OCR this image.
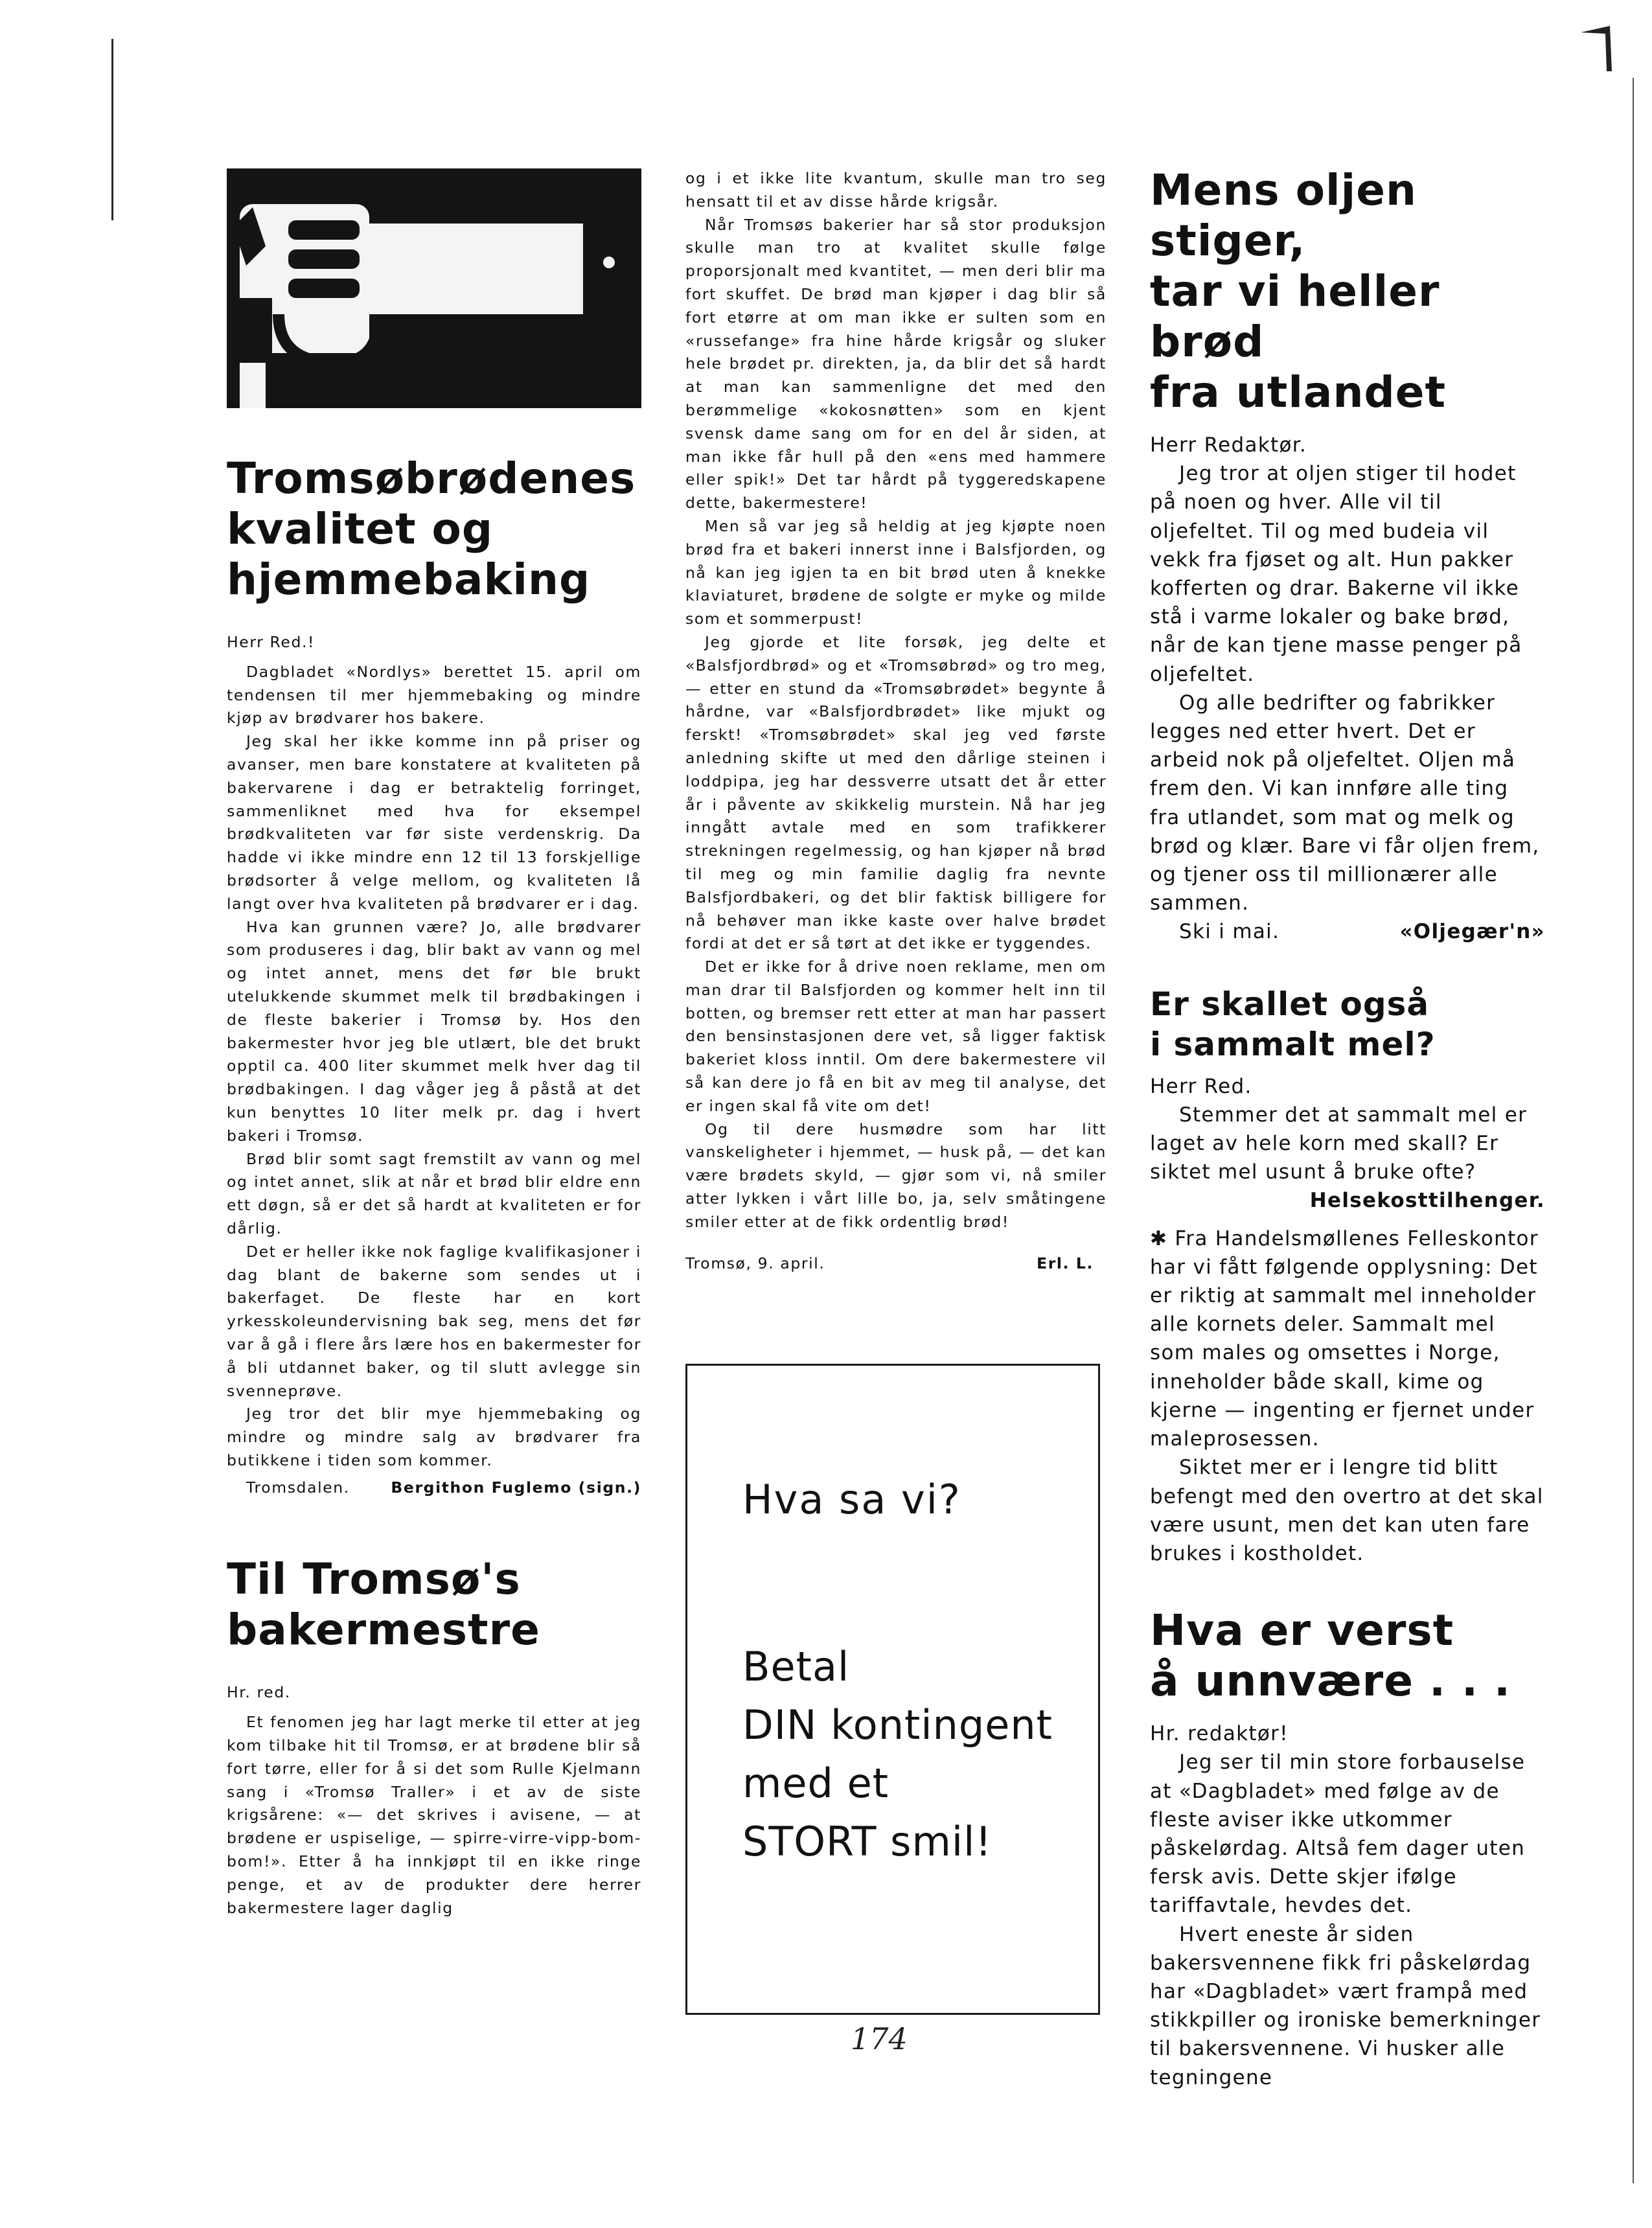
Tromsøbrødenes
kvalitet og
hjemmebaking

Herr Red.!

Dagbladet «Nordlys» berettet 15. april om tendensen til mer hjemmebaking og mindre kjøp av brødvarer hos bakere.

Jeg skal her ikke komme inn på priser og avanser, men bare konstatere at kvaliteten på bakervarene i dag er betraktelig forringet, sammenliknet med hva for eksempel brødkvaliteten var før siste verdenskrig. Da hadde vi ikke mindre enn 12 til 13 forskjellige brødsorter å velge mellom, og kvaliteten lå langt over hva kvaliteten på brødvarer er i dag.

Hva kan grunnen være? Jo, alle brødvarer som produseres i dag, blir bakt av vann og mel og intet annet, mens det før ble brukt utelukkende skummet melk til brødbakingen i de fleste bakerier i Tromsø by. Hos den bakermester hvor jeg ble utlært, ble det brukt opptil ca. 400 liter skummet melk hver dag til brødbakingen. I dag våger jeg å påstå at det kun benyttes 10 liter melk pr. dag i hvert bakeri i Tromsø.

Brød blir somt sagt fremstilt av vann og mel og intet annet, slik at når et brød blir eldre enn ett døgn, så er det så hardt at kvaliteten er for dårlig.

Det er heller ikke nok faglige kvalifikasjoner i dag blant de bakerne som sendes ut i bakerfaget. De fleste har en kort yrkesskoleundervisning bak seg, mens det før var å gå i flere års lære hos en bakermester for å bli utdannet baker, og til slutt avlegge sin svenneprøve.

Jeg tror det blir mye hjemmebaking og mindre og mindre salg av brødvarer fra butikkene i tiden som kommer.

Tromsdalen.	Bergithon Fuglemo (sign.)
Til Tromsø's
bakermestre

Hr. red.

Et fenomen jeg har lagt merke til etter at jeg kom tilbake hit til Tromsø, er at brødene blir så fort tørre, eller for å si det som Rulle Kjelmann sang i «Tromsø Traller» i et av de siste krigsårene: «— det skrives i avisene, — at brødene er uspiselige, — spirre-virre-vipp-bom-bom!». Etter å ha innkjøpt til en ikke ringe penge, et av de produkter dere herrer bakermestere lager daglig

og i et ikke lite kvantum, skulle man tro seg hensatt til et av disse hårde krigsår.

Når Tromsøs bakerier har så stor produksjon skulle man tro at kvalitet skulle følge proporsjonalt med kvantitet, — men deri blir ma fort skuffet. De brød man kjøper i dag blir så fort etørre at om man ikke er sulten som en «russefange» fra hine hårde krigsår og sluker hele brødet pr. direkten, ja, da blir det så hardt at man kan sammenligne det med den berømmelige «kokosnøtten» som en kjent svensk dame sang om for en del år siden, at man ikke får hull på den «ens med hammere eller spik!» Det tar hårdt på tyggeredskapene dette, bakermestere!

Men så var jeg så heldig at jeg kjøpte noen brød fra et bakeri innerst inne i Balsfjorden, og nå kan jeg igjen ta en bit brød uten å knekke klaviaturet, brødene de solgte er myke og milde som et sommerpust!

Jeg gjorde et lite forsøk, jeg delte et «Balsfjordbrød» og et «Tromsøbrød» og tro meg, — etter en stund da «Tromsøbrødet» begynte å hårdne, var «Balsfjordbrødet» like mjukt og ferskt! «Tromsøbrødet» skal jeg ved første anledning skifte ut med den dårlige steinen i loddpipa, jeg har dessverre utsatt det år etter år i påvente av skikkelig murstein. Nå har jeg inngått avtale med en som trafikkerer strekningen regelmessig, og han kjøper nå brød til meg og min familie daglig fra nevnte Balsfjordbakeri, og det blir faktisk billigere for nå behøver man ikke kaste over halve brødet fordi at det er så tørt at det ikke er tyggendes.

Det er ikke for å drive noen reklame, men om man drar til Balsfjorden og kommer helt inn til botten, og bremser rett etter at man har passert den bensinstasjonen dere vet, så ligger faktisk bakeriet kloss inntil. Om dere bakermestere vil så kan dere jo få en bit av meg til analyse, det er ingen skal få vite om det!

Og til dere husmødre som har litt vanskeligheter i hjemmet, — husk på, — det kan være brødets skyld, — gjør som vi, nå smiler atter lykken i vårt lille bo, ja, selv småtingene smiler etter at de fikk ordentlig brød!

Tromsø, 9. april.	Erl. L.
Hva sa vi?
Betal
DIN kontingent
med et
STORT smil!
Mens oljen stiger,
tar vi heller brød
fra utlandet

Herr Redaktør.

Jeg tror at oljen stiger til hodet på noen og hver. Alle vil til oljefeltet. Til og med budeia vil vekk fra fjøset og alt. Hun pakker kofferten og drar. Bakerne vil ikke stå i varme lokaler og bake brød, når de kan tjene masse penger på oljefeltet.

Og alle bedrifter og fabrikker legges ned etter hvert. Det er arbeid nok på oljefeltet. Oljen må frem den. Vi kan innføre alle ting fra utlandet, som mat og melk og brød og klær. Bare vi får oljen frem, og tjener oss til millionærer alle sammen.

Ski i mai.	«Oljegær'n»
Er skallet også
i sammalt mel?

Herr Red.

Stemmer det at sammalt mel er laget av hele korn med skall? Er siktet mel usunt å bruke ofte?

Helsekosttilhenger.

✱ Fra Handelsmøllenes Felleskontor har vi fått følgende opplysning: Det er riktig at sammalt mel inneholder alle kornets deler. Sammalt mel som males og omsettes i Norge, inneholder både skall, kime og kjerne — ingenting er fjernet under maleprosessen.

Siktet mer er i lengre tid blitt befengt med den overtro at det skal være usunt, men det kan uten fare brukes i kostholdet.

Hva er verst
å unnvære . . .

Hr. redaktør!

Jeg ser til min store forbauselse at «Dagbladet» med følge av de fleste aviser ikke utkommer påskelørdag. Altså fem dager uten fersk avis. Dette skjer ifølge tariffavtale, hevdes det.

Hvert eneste år siden bakersvennene fikk fri påskelørdag har «Dagbladet» vært frampå med stikkpiller og ironiske bemerkninger til bakersvennene. Vi husker alle tegningene

174
